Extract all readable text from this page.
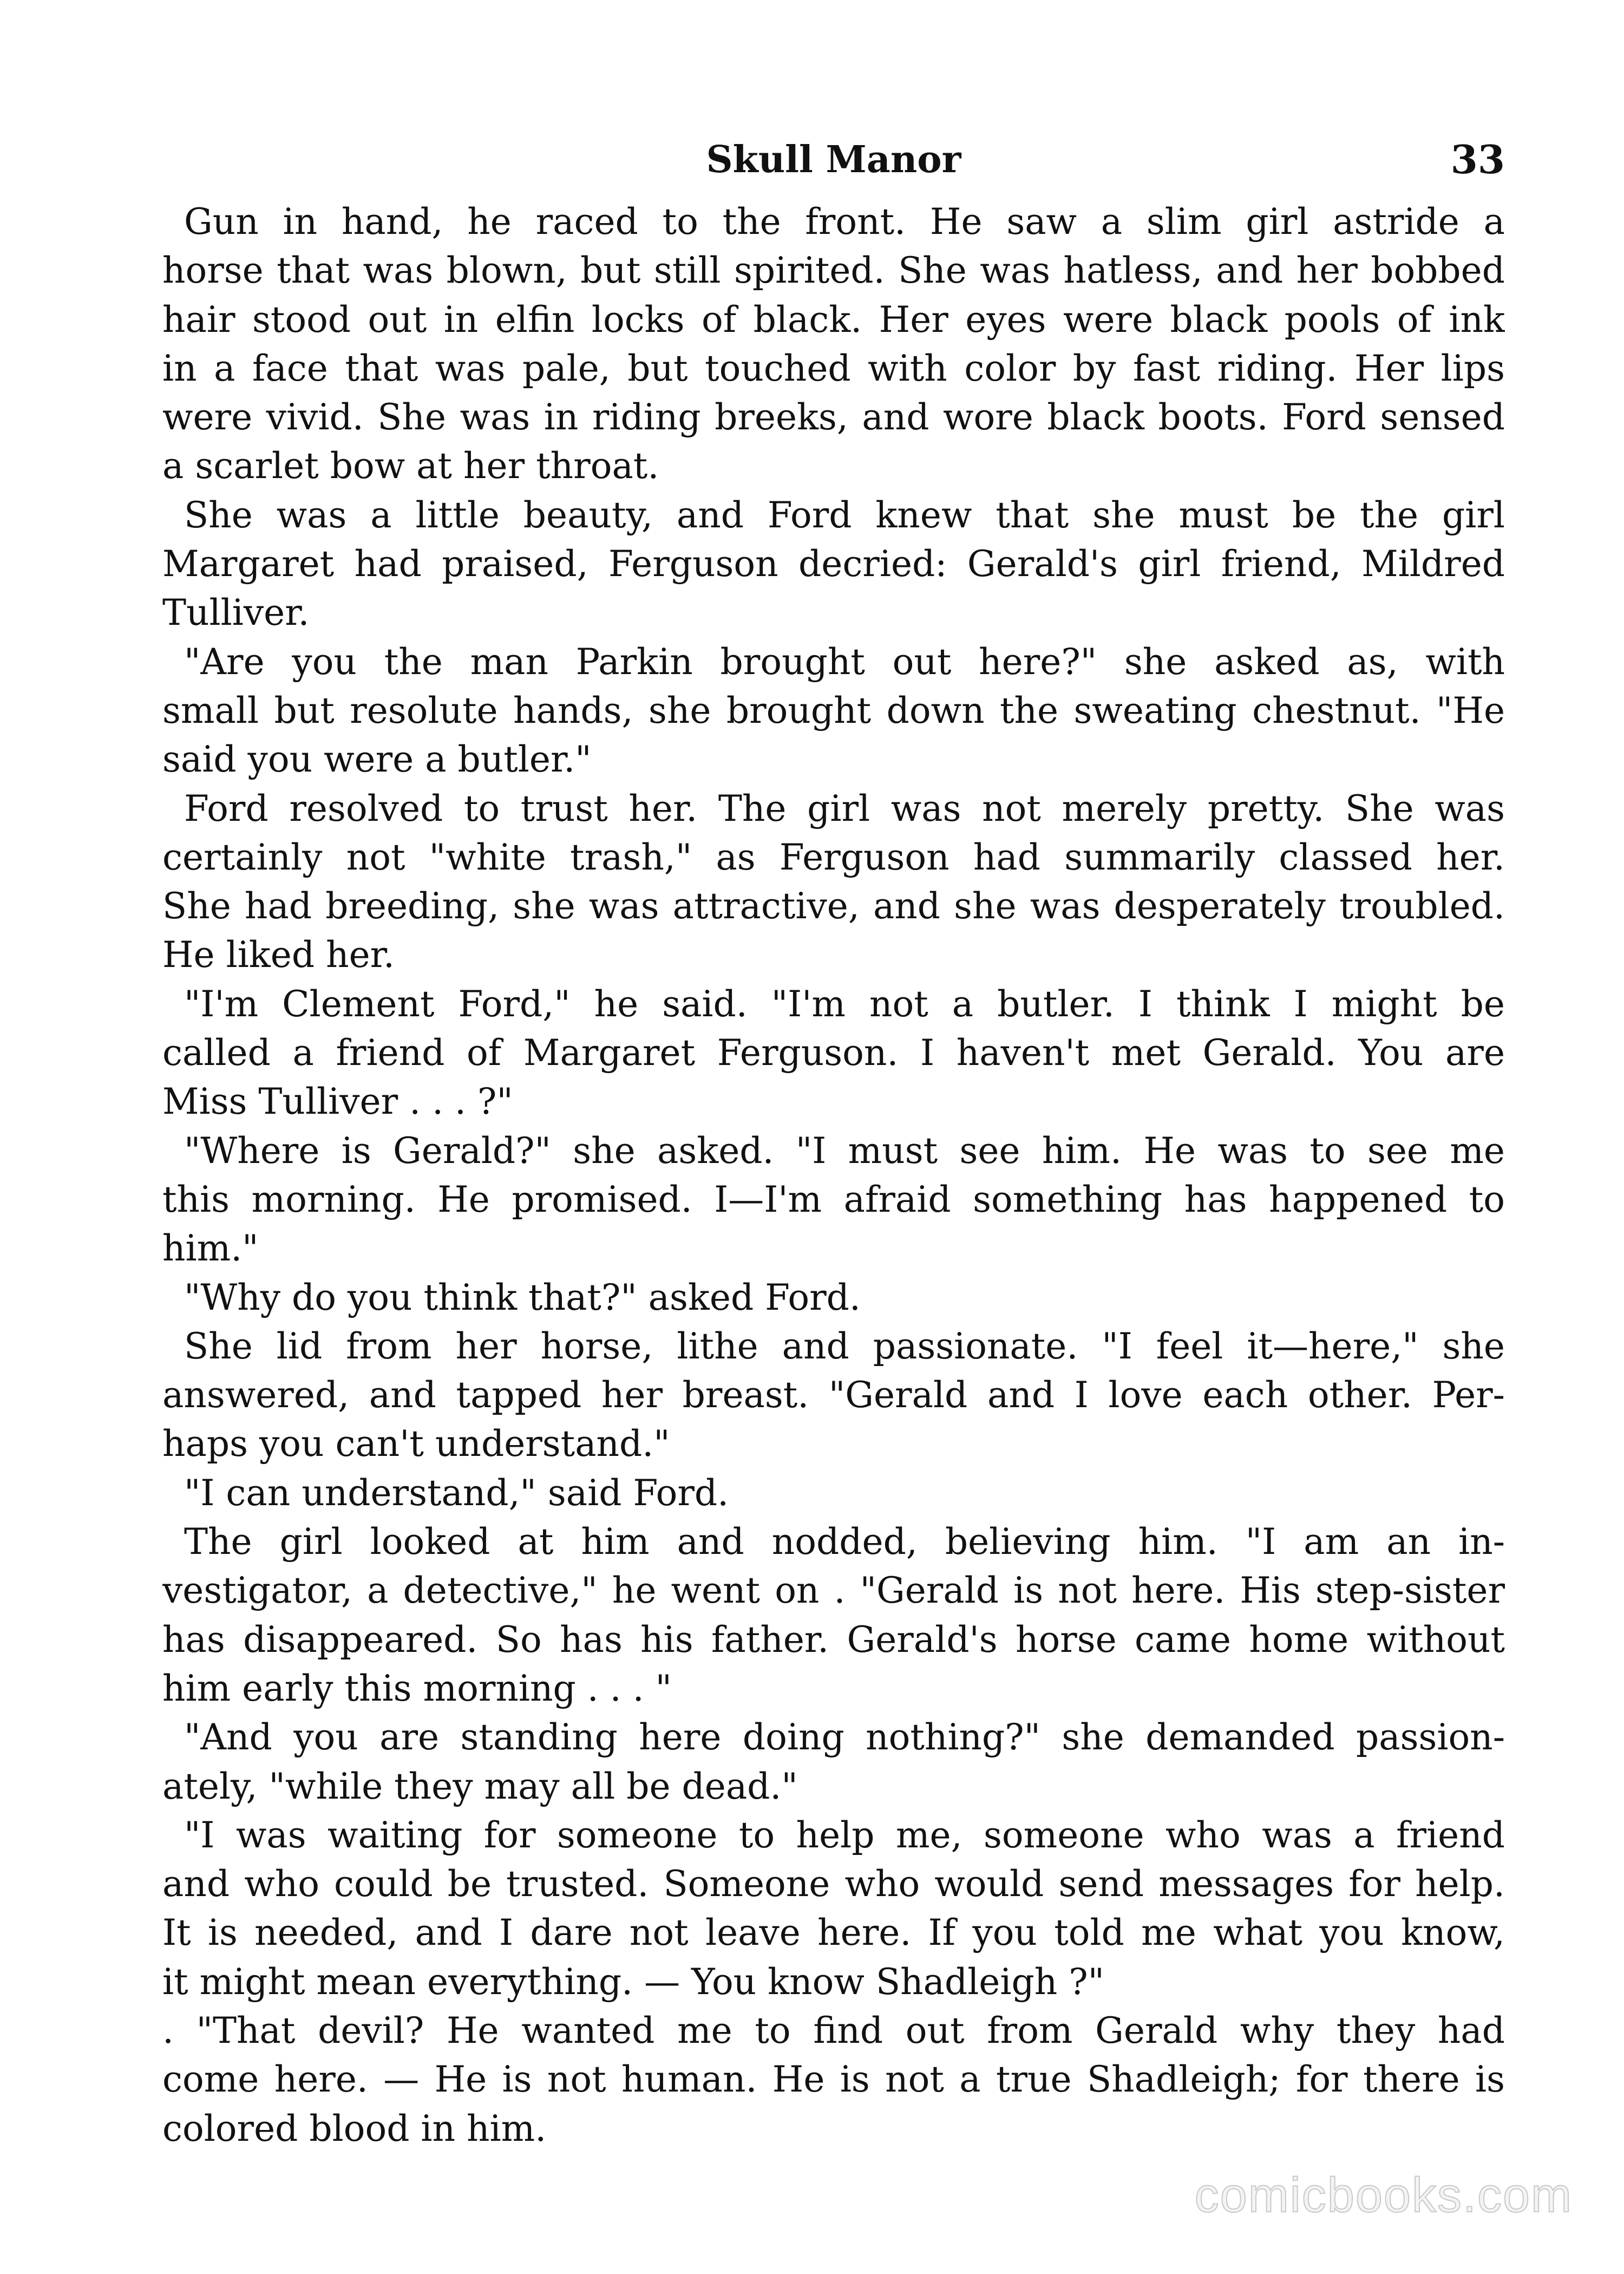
Skull Manor	33
Gun in hand, he raced to the front. He saw a slim girl astride a
horse that was blown, but still spirited. She was hatless, and her bobbed
hair stood out in elfin locks of black. Her eyes were black pools of ink
in a face that was pale, but touched with color by fast riding. Her lips
were vivid. She was in riding breeks, and wore black boots. Ford sensed
a scarlet bow at her throat.
She was a little beauty, and Ford knew that she must be the girl
Margaret had praised, Ferguson decried: Gerald's girl friend, Mildred
Tulliver.
"Are you the man Parkin brought out here?" she asked as, with
small but resolute hands, she brought down the sweating chestnut. "He
said you were a butler."
Ford resolved to trust her. The girl was not merely pretty. She was
certainly not "white trash," as Ferguson had summarily classed her.
She had breeding, she was attractive, and she was desperately troubled.
He liked her.
"I'm Clement Ford," he said. "I'm not a butler. I think I might be
called a friend of Margaret Ferguson. I haven't met Gerald. You are
Miss Tulliver . . . ?"
"Where is Gerald?" she asked. "I must see him. He was to see me
this morning. He promised. I—I'm afraid something has happened to
him."
"Why do you think that?" asked Ford.
She lid from her horse, lithe and passionate. "I feel it—here," she
answered, and tapped her breast. "Gerald and I love each other. Per-
haps you can't understand."
"I can understand," said Ford.
The girl looked at him and nodded, believing him. "I am an in-
vestigator, a detective," he went on . "Gerald is not here. His step-sister
has disappeared. So has his father. Gerald's horse came home without
him early this morning . . . "
"And you are standing here doing nothing?" she demanded passion-
ately, "while they may all be dead."
"I was waiting for someone to help me, someone who was a friend
and who could be trusted. Someone who would send messages for help.
It is needed, and I dare not leave here. If you told me what you know,
it might mean everything. — You know Shadleigh ?"
. "That devil? He wanted me to find out from Gerald why they had
come here. — He is not human. He is not a true Shadleigh; for there is
colored blood in him.
comicbooks.com
